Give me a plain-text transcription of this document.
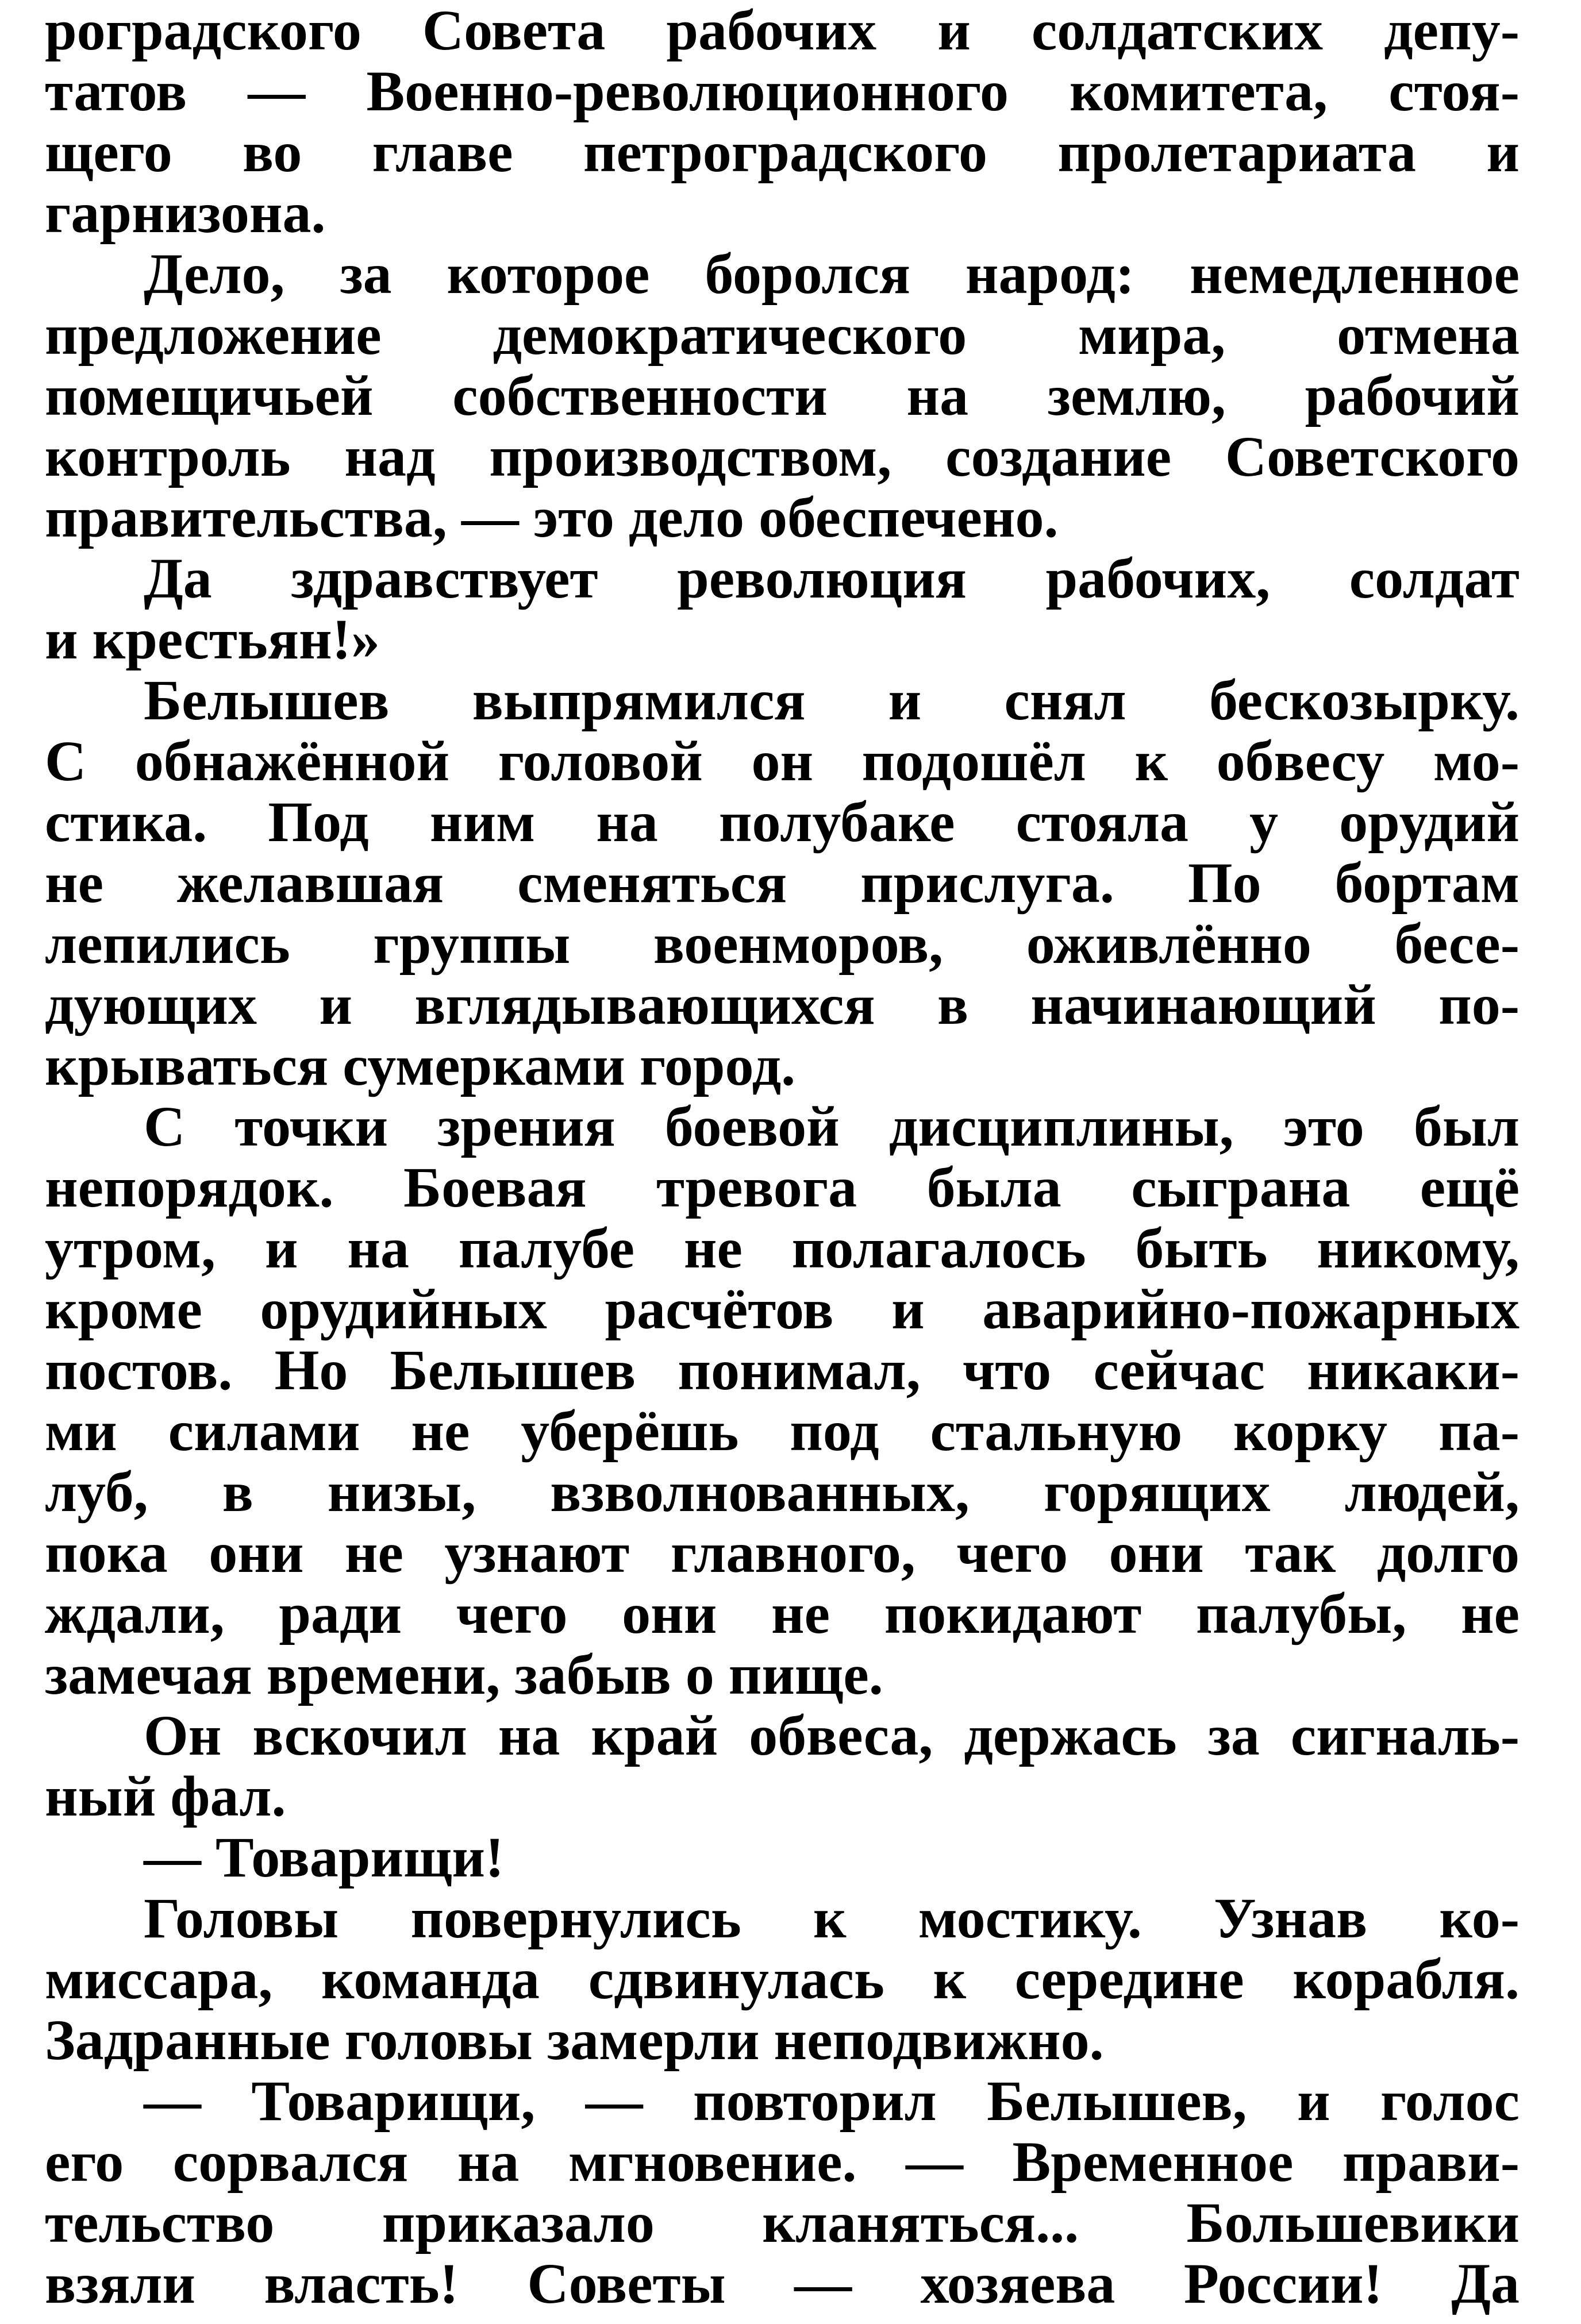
роградского Совета рабочих и солдатских депу-
татов — Военно-революционного комитета, стоя-
щего во главе петроградского пролетариата и
гарнизона.
Дело, за которое боролся народ: немедленное
предложение демократического мира, отмена
помещичьей собственности на землю, рабочий
контроль над производством, создание Советского
правительства, — это дело обеспечено.
Да здравствует революция рабочих, солдат
и крестьян!»
Белышев выпрямился и снял бескозырку.
С обнажённой головой он подошёл к обвесу мо-
стика. Под ним на полубаке стояла у орудий
не желавшая сменяться прислуга. По бортам
лепились группы военморов, оживлённо бесе-
дующих и вглядывающихся в начинающий по-
крываться сумерками город.
С точки зрения боевой дисциплины, это был
непорядок. Боевая тревога была сыграна ещё
утром, и на палубе не полагалось быть никому,
кроме орудийных расчётов и аварийно-пожарных
постов. Но Белышев понимал, что сейчас никаки-
ми силами не уберёшь под стальную корку па-
луб, в низы, взволнованных, горящих людей,
пока они не узнают главного, чего они так долго
ждали, ради чего они не покидают палубы, не
замечая времени, забыв о пище.
Он вскочил на край обвеса, держась за сигналь-
ный фал.
— Товарищи!
Головы повернулись к мостику. Узнав ко-
миссара, команда сдвинулась к середине корабля.
Задранные головы замерли неподвижно.
— Товарищи, — повторил Белышев, и голос
его сорвался на мгновение. — Временное прави-
тельство приказало кланяться... Большевики
взяли власть! Советы — хозяева России! Да
